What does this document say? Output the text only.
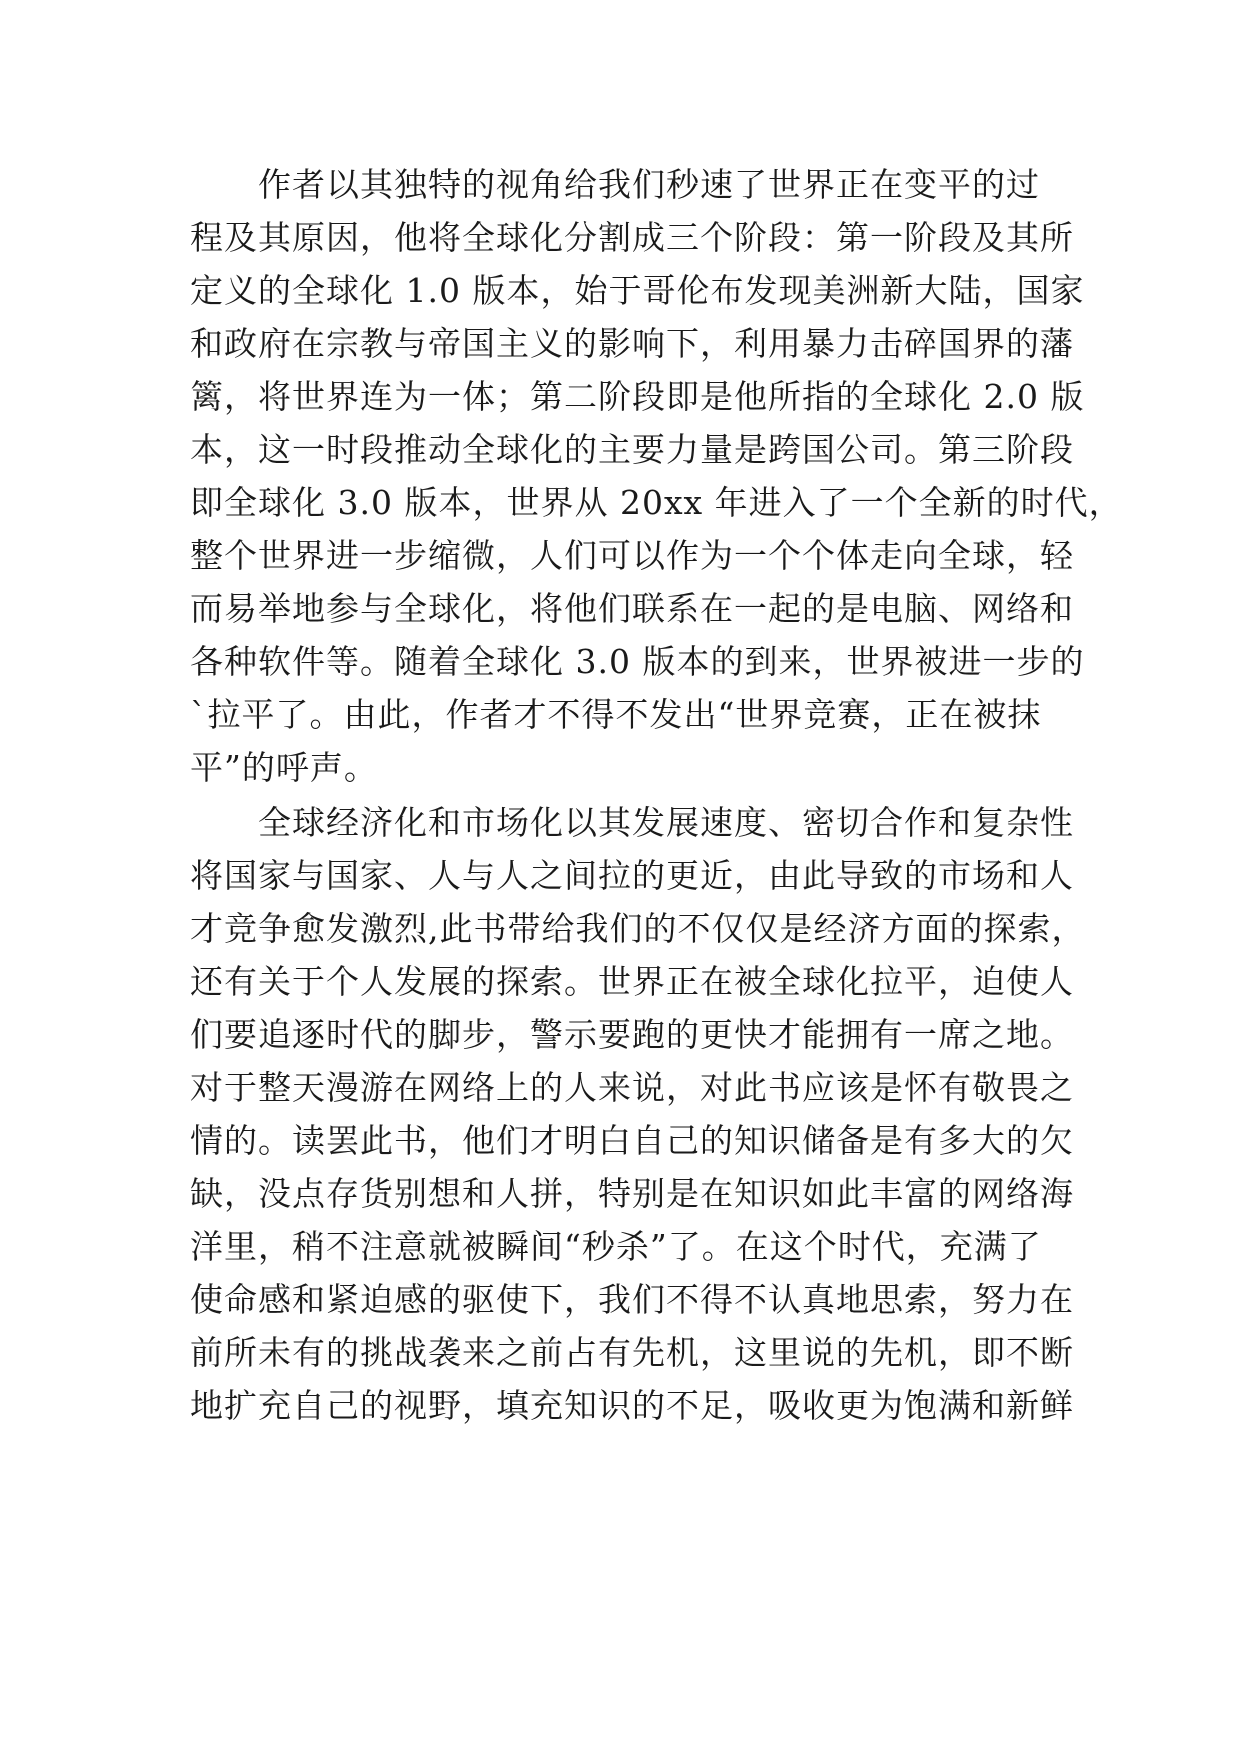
　　作者以其独特的视角给我们秒速了世界正在变平的过
程及其原因，他将全球化分割成三个阶段：第一阶段及其所
定义的全球化 1.0 版本，始于哥伦布发现美洲新大陆，国家
和政府在宗教与帝国主义的影响下，利用暴力击碎国界的藩
篱，将世界连为一体；第二阶段即是他所指的全球化 2.0 版
本，这一时段推动全球化的主要力量是跨国公司。第三阶段
即全球化 3.0 版本，世界从 20xx 年进入了一个全新的时代，
整个世界进一步缩微，人们可以作为一个个体走向全球，轻
而易举地参与全球化，将他们联系在一起的是电脑、网络和
各种软件等。随着全球化 3.0 版本的到来，世界被进一步的
`拉平了。由此，作者才不得不发出“世界竞赛，正在被抹
平”的呼声。
　　全球经济化和市场化以其发展速度、密切合作和复杂性
将国家与国家、人与人之间拉的更近，由此导致的市场和人
才竞争愈发激烈,此书带给我们的不仅仅是经济方面的探索，
还有关于个人发展的探索。世界正在被全球化拉平，迫使人
们要追逐时代的脚步，警示要跑的更快才能拥有一席之地。
对于整天漫游在网络上的人来说，对此书应该是怀有敬畏之
情的。读罢此书，他们才明白自己的知识储备是有多大的欠
缺，没点存货别想和人拼，特别是在知识如此丰富的网络海
洋里，稍不注意就被瞬间“秒杀”了。在这个时代，充满了
使命感和紧迫感的驱使下，我们不得不认真地思索，努力在
前所未有的挑战袭来之前占有先机，这里说的先机，即不断
地扩充自己的视野，填充知识的不足，吸收更为饱满和新鲜
